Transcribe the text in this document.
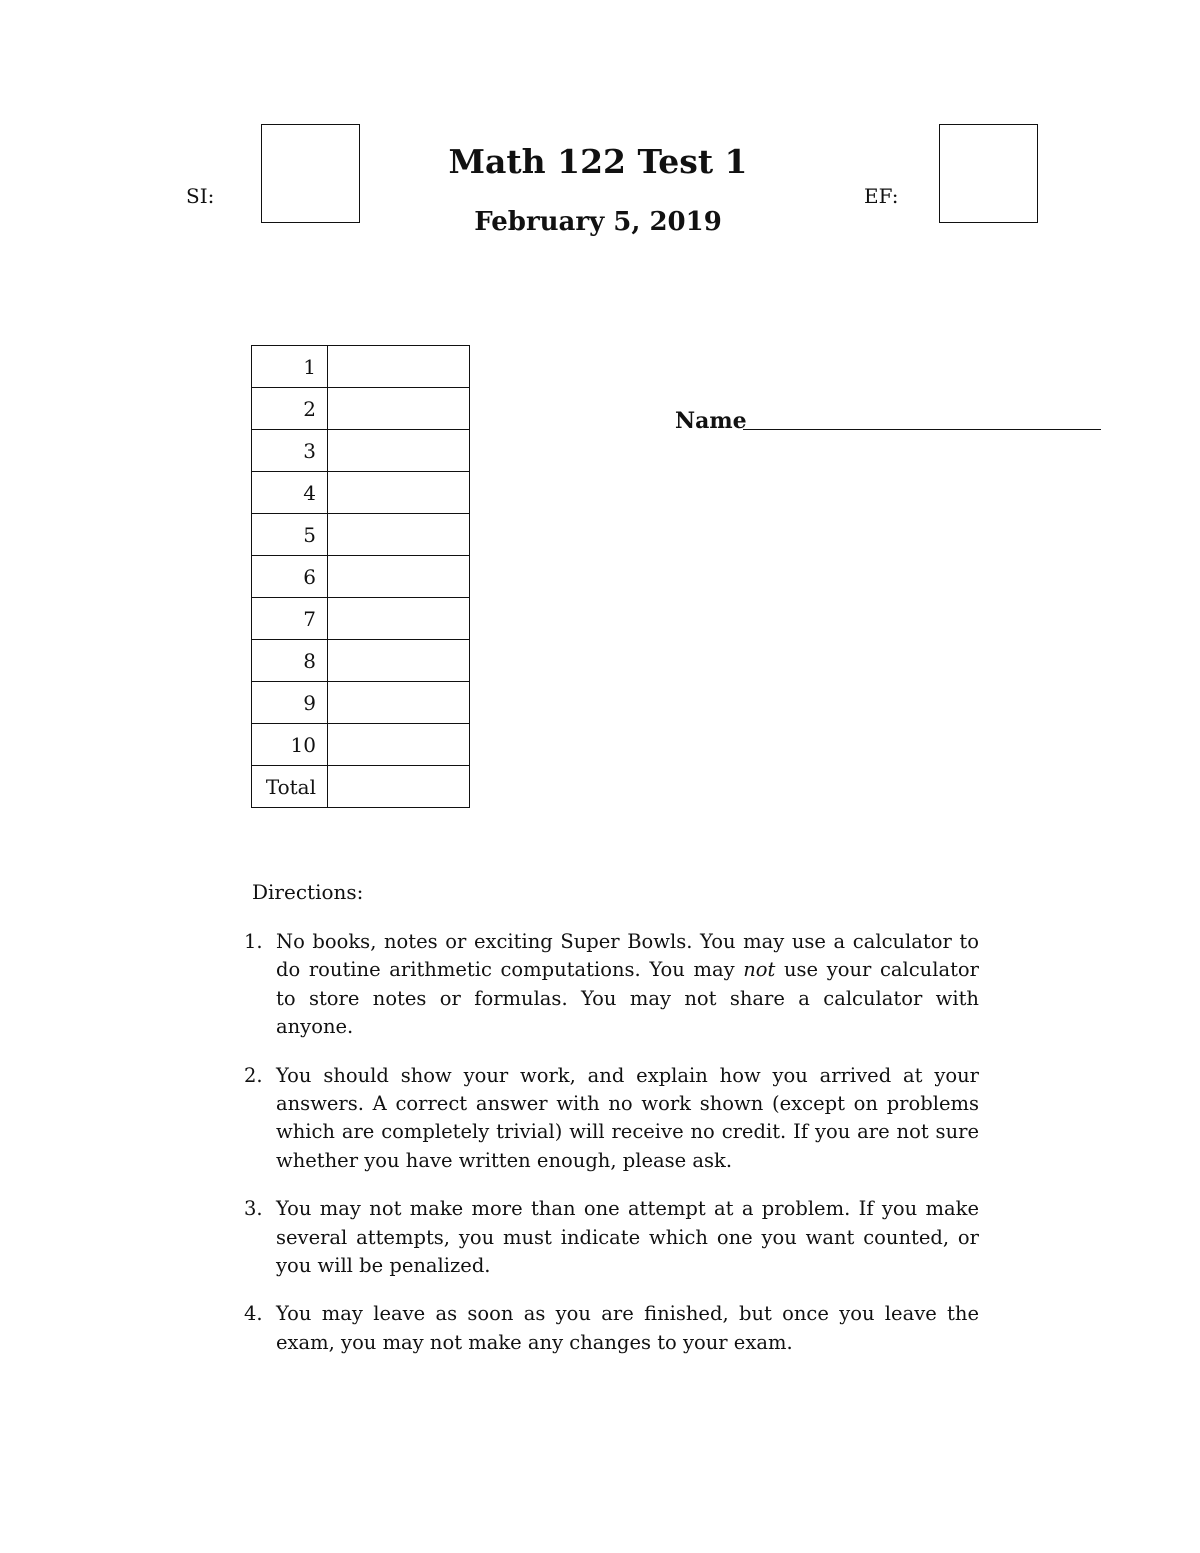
SI:
Math 122 Test 1
February 5, 2019
EF:
1	
2	
3	
4	
5	
6	
7	
8	
9	
10	
Total	
Name
Directions:
1. No books, notes or exciting Super Bowls. You may use a calculator to do routine arithmetic computations. You may not use your calculator to store notes or formulas. You may not share a calculator with anyone.
2. You should show your work, and explain how you arrived at your answers. A correct answer with no work shown (except on problems which are completely trivial) will receive no credit. If you are not sure whether you have written enough, please ask.
3. You may not make more than one attempt at a problem. If you make several attempts, you must indicate which one you want counted, or you will be penalized.
4. You may leave as soon as you are finished, but once you leave the exam, you may not make any changes to your exam.
